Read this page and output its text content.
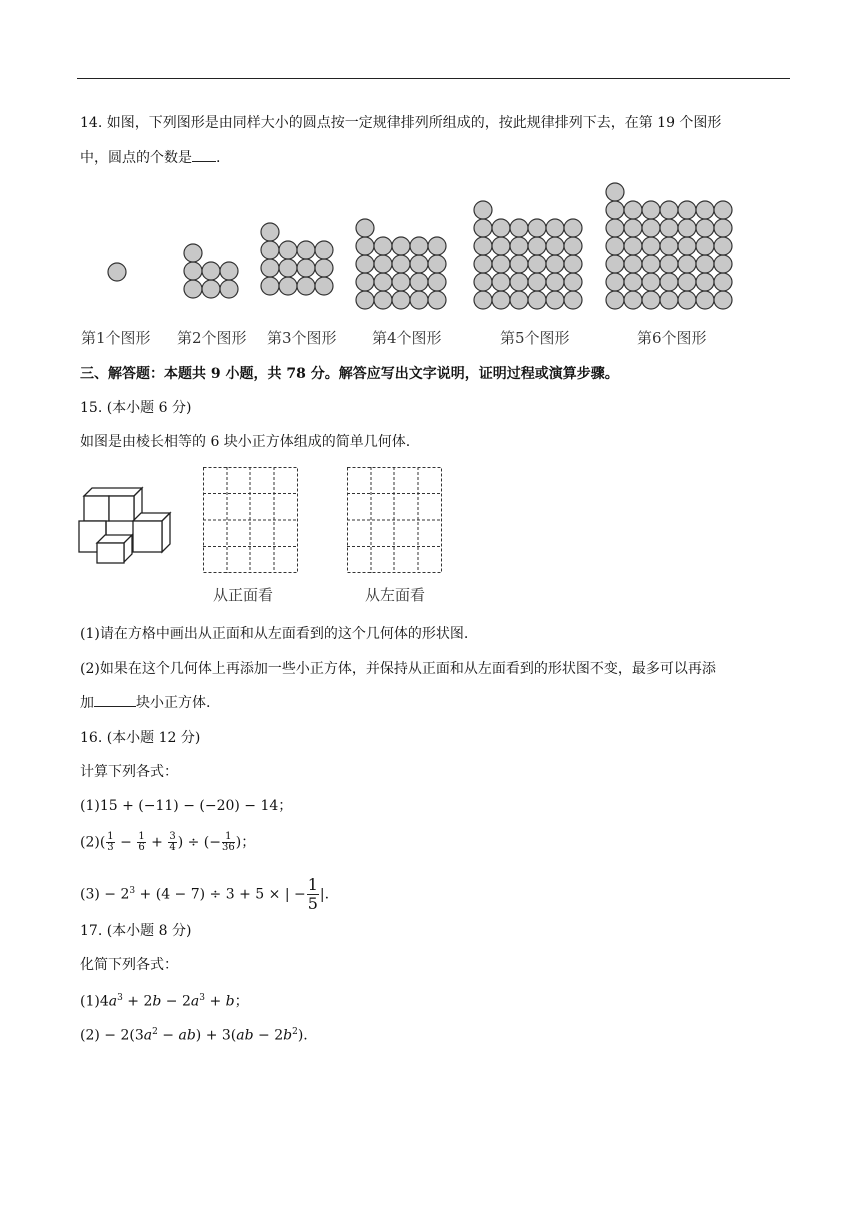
14. 如图，下列图形是由同样大小的圆点按一定规律排列所组成的，按此规律排列下去，在第 19 个图形
中，圆点的个数是 .
第1个图形 第2个图形 第3个图形 第4个图形	第5个图形	第6个图形
三、解答题：本题共 9 小题，共 78 分。解答应写出文字说明，证明过程或演算步骤。
15. (本小题 6 分)
如图是由棱长相等的 6 块小正方体组成的简单几何体.
从正面看	从左面看
(1)请在方格中画出从正面和从左面看到的这个几何体的形状图.
(2)如果在这个几何体上再添加一些小正方体，并保持从正面和从左面看到的形状图不变，最多可以再添
加	块小正方体.
16. (本小题 12 分)
计算下列各式：
(1)15 + (−11) − (−20) − 14；
$(2)( \frac{1}{3} - \frac{1}{6} + \frac{3}{4}$ ) ÷ (− $\frac{1}{36}$ )；
$(3) - 2^3 + (4 - 7) \div 3 + 5$ × | − $\frac{1}{5}$ |.
17. (本小题 8 分)
化简下列各式：
$(1)4a^3 + 2b - 2a^3 + b$；
$(2) - 2(3a^2 - ab) + 3(ab - 2b^2)$.
